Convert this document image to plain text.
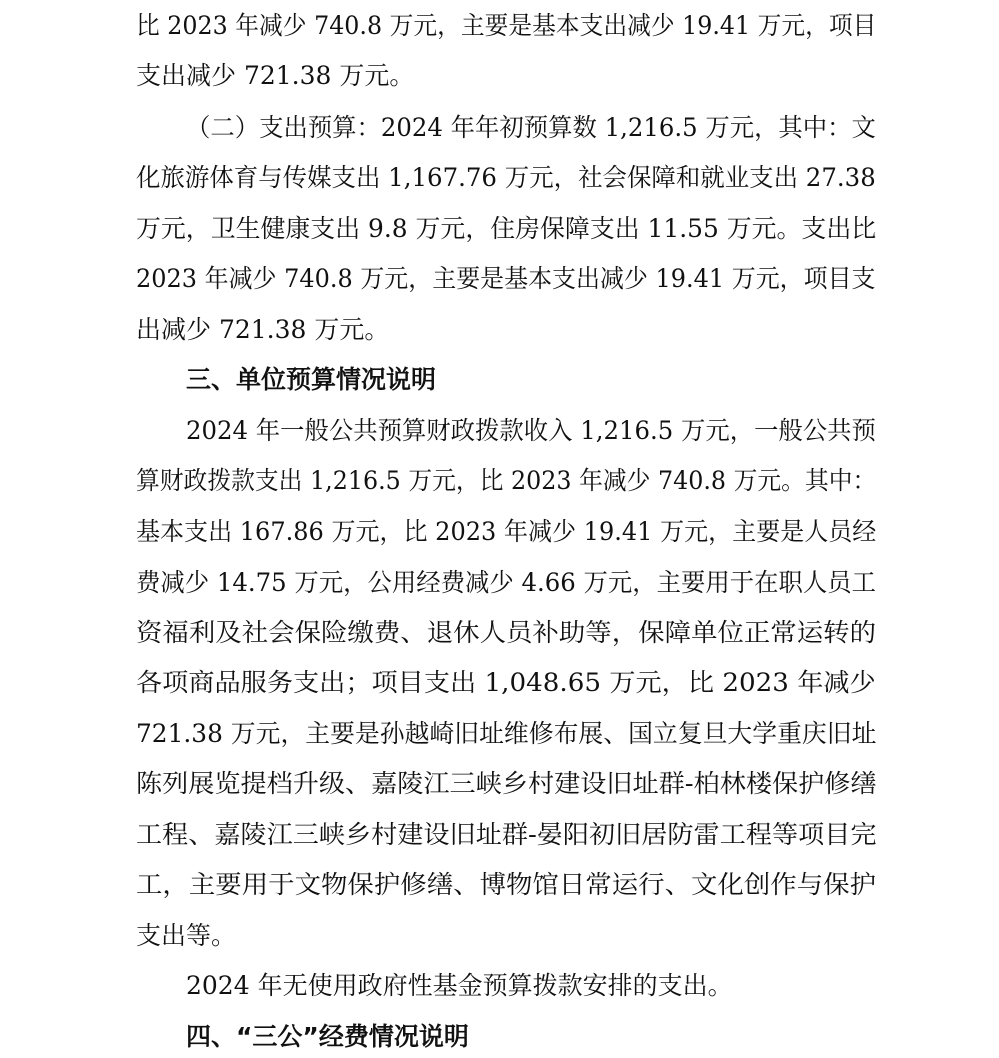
比 2023 年减少 740.8 万元，主要是基本支出减少 19.41 万元，项目
支出减少 721.38 万元。
（二）支出预算：2024 年年初预算数 1,216.5 万元，其中：文
化旅游体育与传媒支出 1,167.76 万元，社会保障和就业支出 27.38
万元，卫生健康支出 9.8 万元，住房保障支出 11.55 万元。支出比
2023 年减少 740.8 万元，主要是基本支出减少 19.41 万元，项目支
出减少 721.38 万元。
三、单位预算情况说明
2024 年一般公共预算财政拨款收入 1,216.5 万元，一般公共预
算财政拨款支出 1,216.5 万元，比 2023 年减少 740.8 万元。其中：
基本支出 167.86 万元，比 2023 年减少 19.41 万元，主要是人员经
费减少 14.75 万元，公用经费减少 4.66 万元，主要用于在职人员工
资福利及社会保险缴费、退休人员补助等，保障单位正常运转的
各项商品服务支出；项目支出 1,048.65 万元，比 2023 年减少
721.38 万元，主要是孙越崎旧址维修布展、国立复旦大学重庆旧址
陈列展览提档升级、嘉陵江三峡乡村建设旧址群-柏林楼保护修缮
工程、嘉陵江三峡乡村建设旧址群-晏阳初旧居防雷工程等项目完
工，主要用于文物保护修缮、博物馆日常运行、文化创作与保护
支出等。
2024 年无使用政府性基金预算拨款安排的支出。
四、“三公”经费情况说明
